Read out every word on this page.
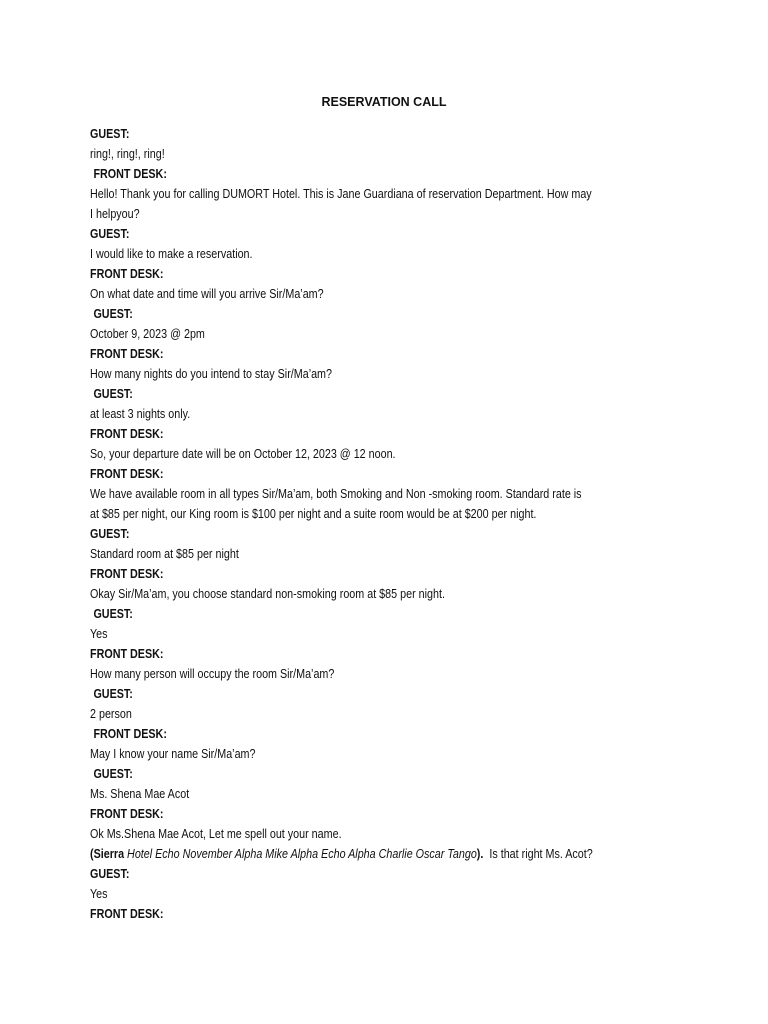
RESERVATION CALL
GUEST:
ring!, ring!, ring!
FRONT DESK:
Hello! Thank you for calling DUMORT Hotel. This is Jane Guardiana of reservation Department. How may
I helpyou?
GUEST:
I would like to make a reservation.
FRONT DESK:
On what date and time will you arrive Sir/Ma’am?
GUEST:
October 9, 2023 @ 2pm
FRONT DESK:
How many nights do you intend to stay Sir/Ma’am?
GUEST:
at least 3 nights only.
FRONT DESK:
So, your departure date will be on October 12, 2023 @ 12 noon.
FRONT DESK:
We have available room in all types Sir/Ma’am, both Smoking and Non -smoking room. Standard rate is
at $85 per night, our King room is $100 per night and a suite room would be at $200 per night.
GUEST:
Standard room at $85 per night
FRONT DESK:
Okay Sir/Ma’am, you choose standard non-smoking room at $85 per night.
GUEST:
Yes
FRONT DESK:
How many person will occupy the room Sir/Ma’am?
GUEST:
2 person
FRONT DESK:
May I know your name Sir/Ma’am?
GUEST:
Ms. Shena Mae Acot
FRONT DESK:
Ok Ms.Shena Mae Acot, Let me spell out your name.
(Sierra Hotel Echo November Alpha Mike Alpha Echo Alpha Charlie Oscar Tango).  Is that right Ms. Acot?
GUEST:
Yes
FRONT DESK:
